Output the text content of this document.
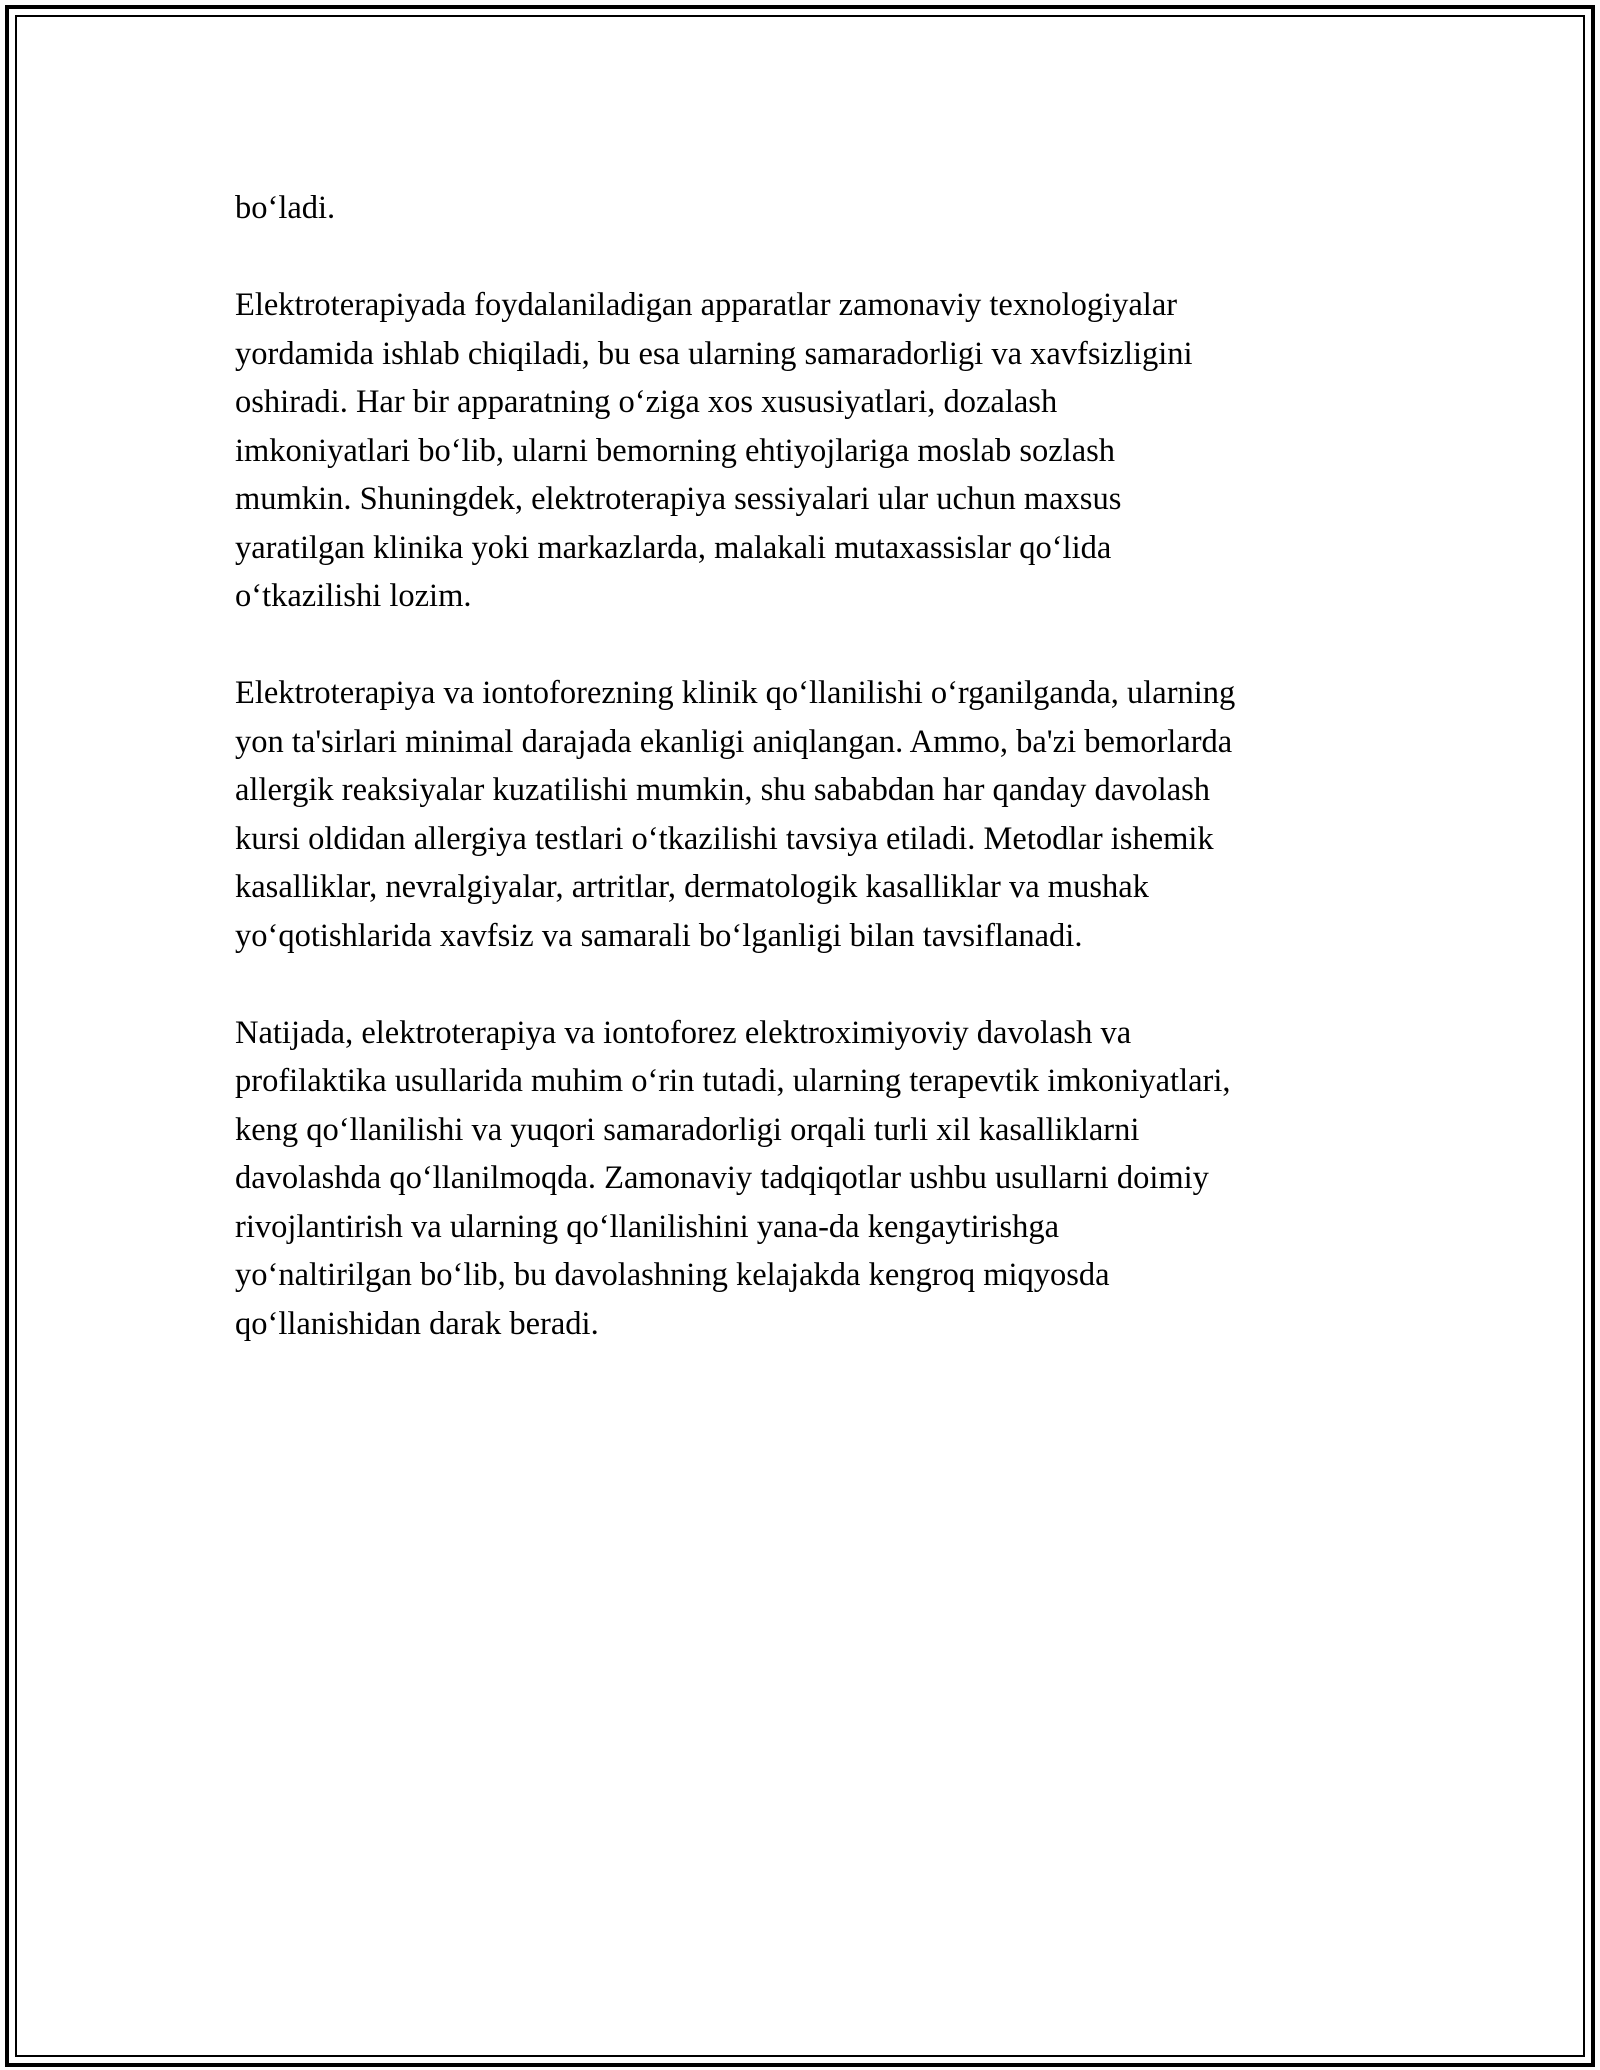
bo‘ladi.

Elektroterapiyada foydalaniladigan apparatlar zamonaviy texnologiyalar
yordamida ishlab chiqiladi, bu esa ularning samaradorligi va xavfsizligini
oshiradi. Har bir apparatning o‘ziga xos xususiyatlari, dozalash
imkoniyatlari bo‘lib, ularni bemorning ehtiyojlariga moslab sozlash
mumkin. Shuningdek, elektroterapiya sessiyalari ular uchun maxsus
yaratilgan klinika yoki markazlarda, malakali mutaxassislar qo‘lida
o‘tkazilishi lozim.

Elektroterapiya va iontoforezning klinik qo‘llanilishi o‘rganilganda, ularning
yon ta'sirlari minimal darajada ekanligi aniqlangan. Ammo, ba'zi bemorlarda
allergik reaksiyalar kuzatilishi mumkin, shu sababdan har qanday davolash
kursi oldidan allergiya testlari o‘tkazilishi tavsiya etiladi. Metodlar ishemik
kasalliklar, nevralgiyalar, artritlar, dermatologik kasalliklar va mushak
yo‘qotishlarida xavfsiz va samarali bo‘lganligi bilan tavsiflanadi.

Natijada, elektroterapiya va iontoforez elektroximiyoviy davolash va
profilaktika usullarida muhim o‘rin tutadi, ularning terapevtik imkoniyatlari,
keng qo‘llanilishi va yuqori samaradorligi orqali turli xil kasalliklarni
davolashda qo‘llanilmoqda. Zamonaviy tadqiqotlar ushbu usullarni doimiy
rivojlantirish va ularning qo‘llanilishini yana-da kengaytirishga
yo‘naltirilgan bo‘lib, bu davolashning kelajakda kengroq miqyosda
qo‘llanishidan darak beradi.
